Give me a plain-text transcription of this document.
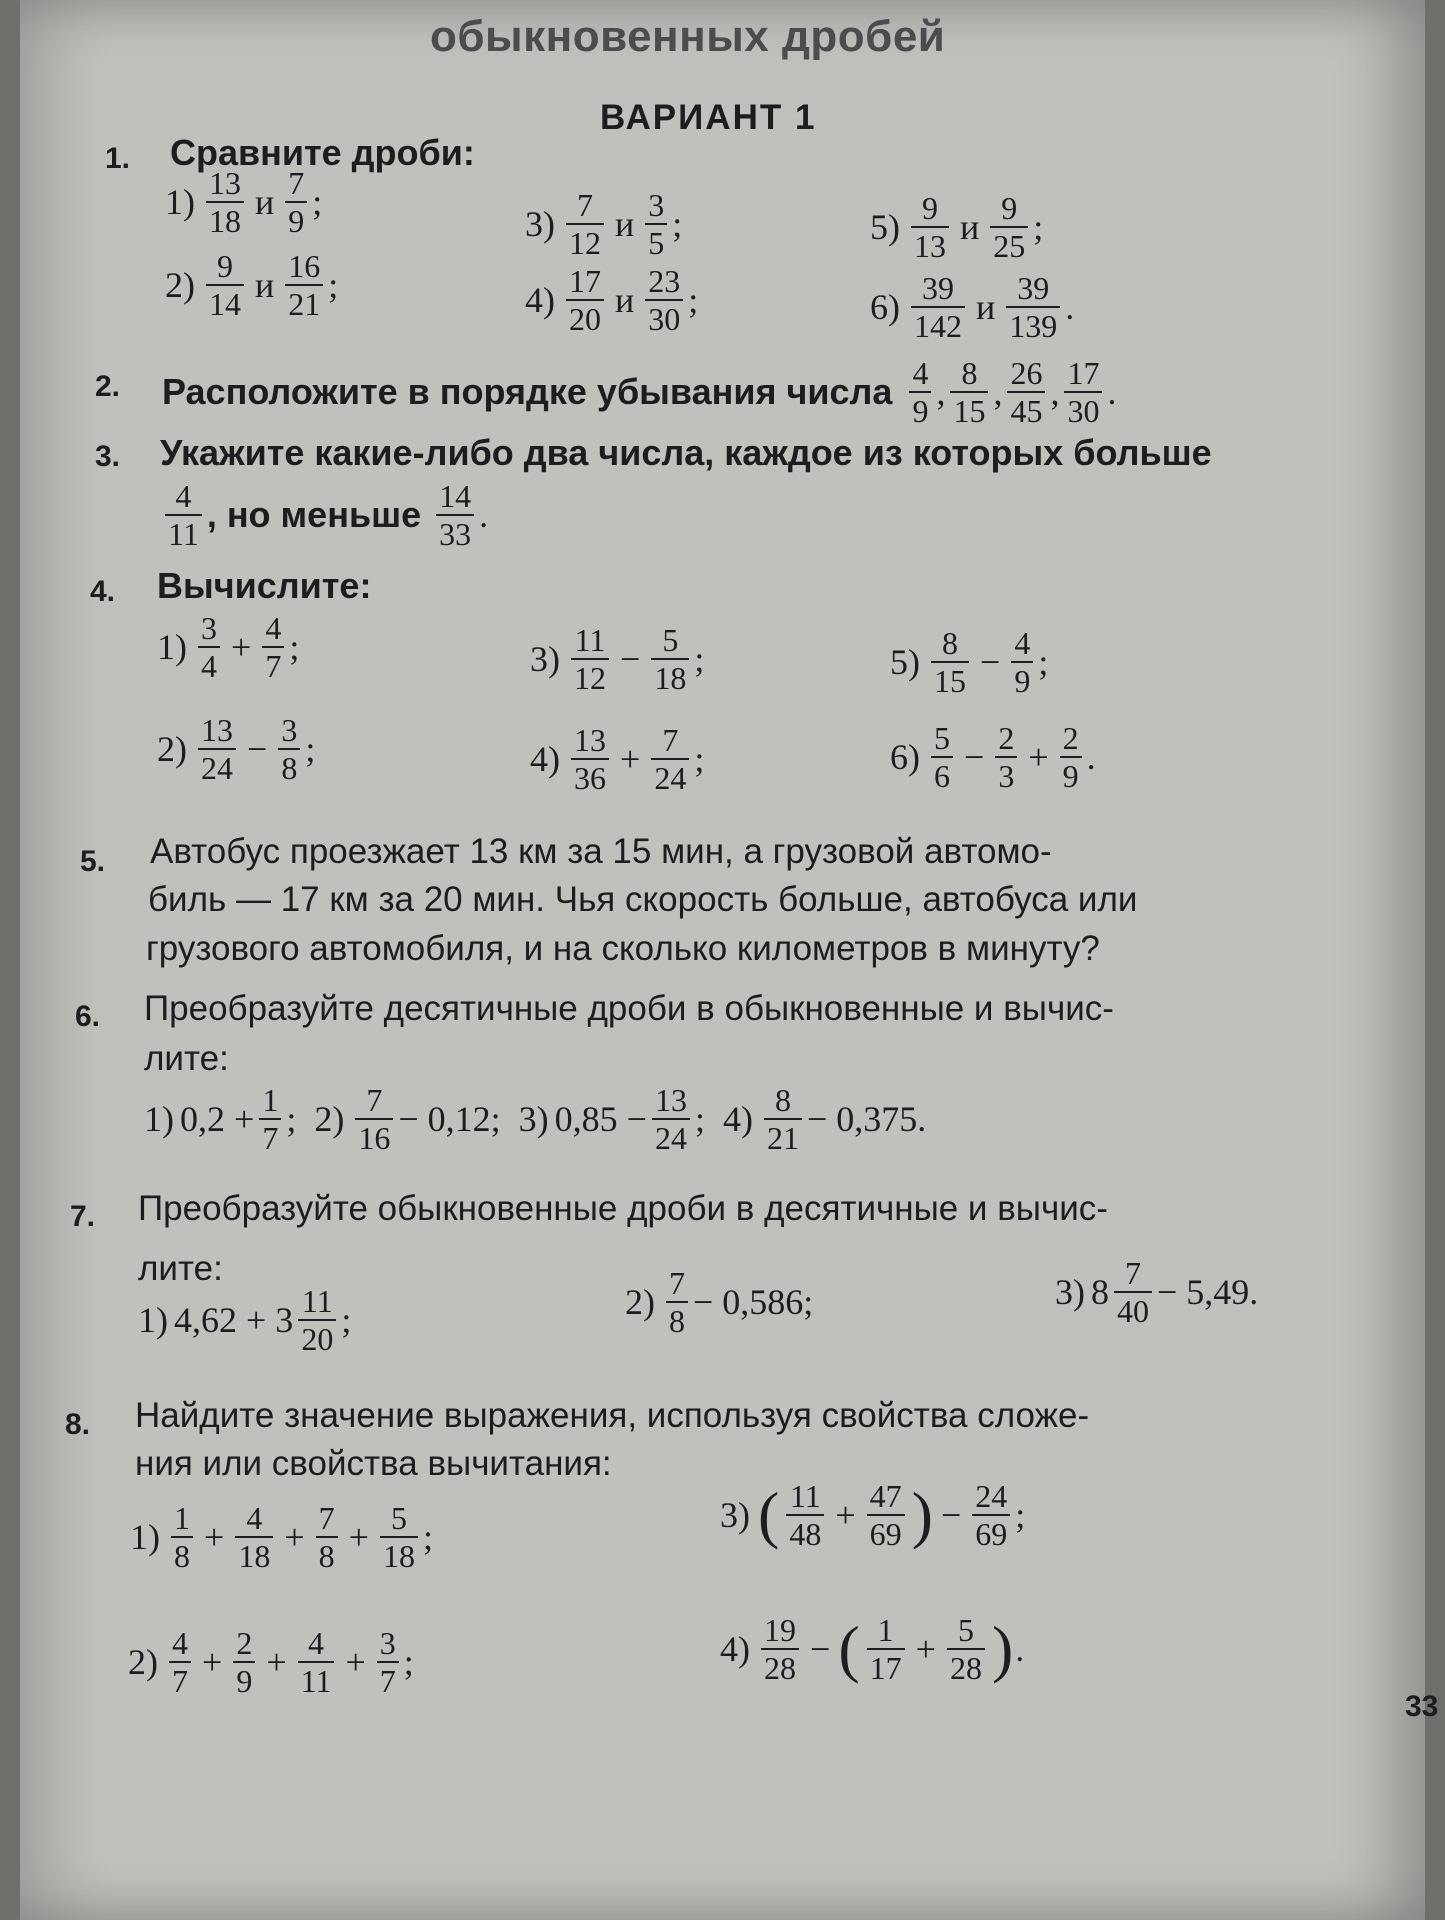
обыкновенных дробей
ВАРИАНТ 1
1. Сравните дроби:
$1) \frac{13}{18}$ и $\frac{7}{9}$ ;
$2) \frac{9}{14}$ и $\frac{16}{21}$ ;
$3) \frac{7}{12}$ и $\frac{3}{5}$ ;
$4) \frac{17}{20}$ и $\frac{23}{30}$ ;
$5) \frac{9}{13}$ и $\frac{9}{25}$ ;
$6) \frac{39}{142}$ и $\frac{39}{139}$ .
2. Расположите в порядке убывания числа $\frac{4}{9}$ , $\frac{8}{15}$ , $\frac{26}{45}$ , $\frac{17}{30}$ .
3. Укажите какие-либо два числа, каждое из которых больше
$\frac{4}{11}$ , но меньше $\frac{14}{33}$ .
4. Вычислите:
$1) \frac{3}{4} + \frac{4}{7}$ ;
$2) \frac{13}{24} - \frac{3}{8}$ ;
$3) \frac{11}{12} - \frac{5}{18}$ ;
$4) \frac{13}{36} + \frac{7}{24}$ ;
$5) \frac{8}{15} - \frac{4}{9}$ ;
$6) \frac{5}{6} - \frac{2}{3} + \frac{2}{9}$ .
5. Автобус проезжает 13 км за 15 мин, а грузовой автомо-
биль — 17 км за 20 мин. Чья скорость больше, автобуса или
грузового автомобиля, и на сколько километров в минуту?
6. Преобразуйте десятичные дроби в обыкновенные и вычис-
лите:
1) $0,2 + \frac{1}{7}$ ; $2) \frac{7}{16} - 0,12$; 3) $0,85 - \frac{13}{24}$ ; $4) \frac{8}{21} - 0,375$.
7. Преобразуйте обыкновенные дроби в десятичные и вычис-
лите:
1) $4,62 + 3 \frac{11}{20}$ ;	$2) \frac{7}{8} - 0,586$;	3) $8 \frac{7}{40} - 5,49$.
8. Найдите значение выражения, используя свойства сложе-
ния или свойства вычитания:
$1) \frac{1}{8} + \frac{4}{18} + \frac{7}{8} + \frac{5}{18}$ ;
$2) \frac{4}{7} + \frac{2}{9} + \frac{4}{11} + \frac{3}{7}$ ;
3) ( $\frac{11}{48} + \frac{47}{69}$ ) − $\frac{24}{69}$ ;
$4) \frac{19}{28}$ − ( $\frac{1}{17} + \frac{5}{28}$ ) .
33
